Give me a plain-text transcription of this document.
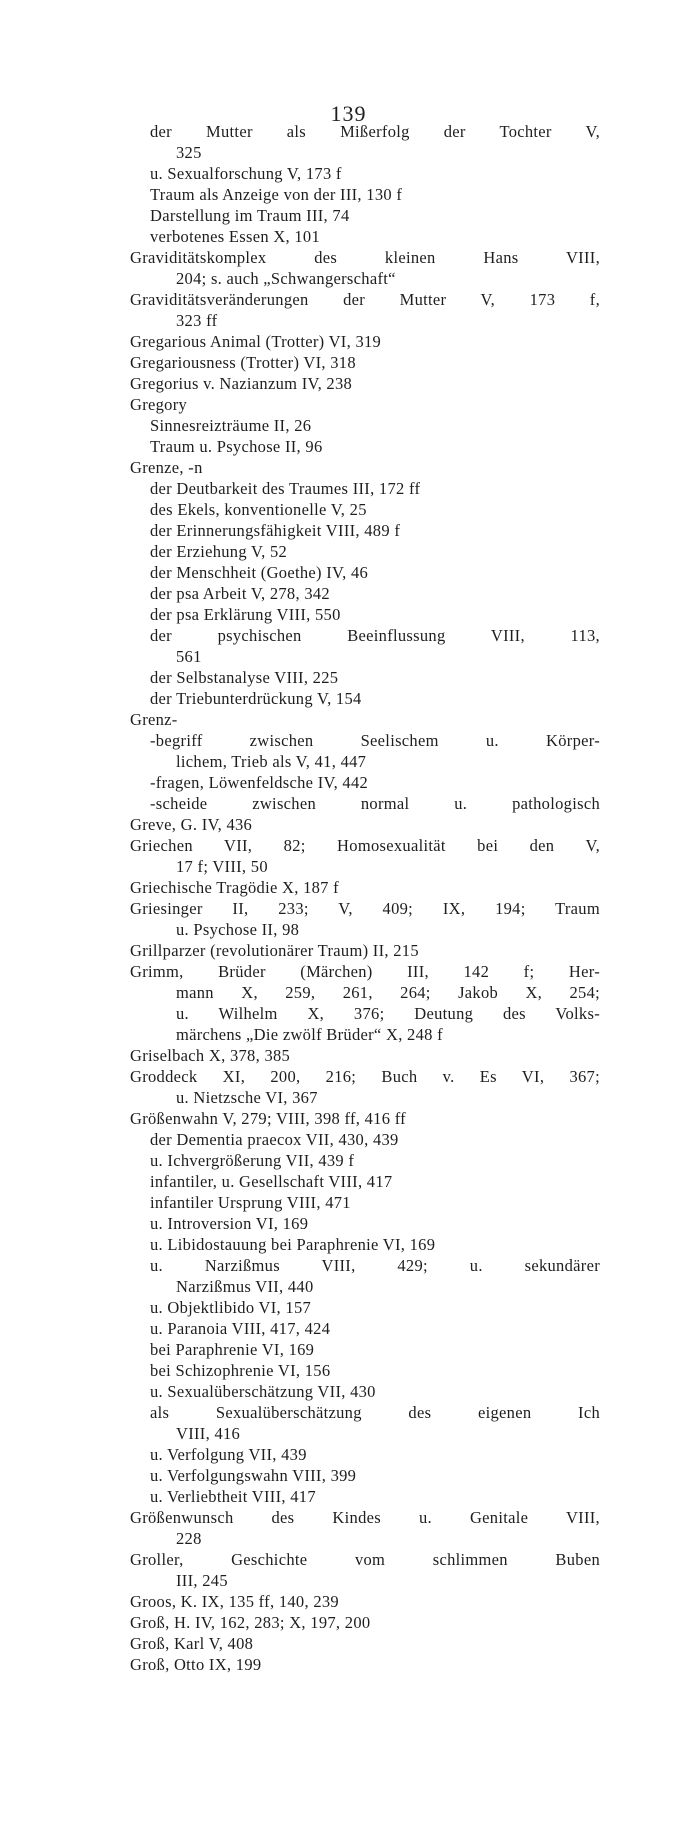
139
der Mutter als Mißerfolg der Tochter V,
325
u. Sexualforschung V, 173 f
Traum als Anzeige von der III, 130 f
Darstellung im Traum III, 74
verbotenes Essen X, 101
Graviditätskomplex des kleinen Hans VIII,
204; s. auch „Schwangerschaft“
Graviditätsveränderungen der Mutter V, 173 f,
323 ff
Gregarious Animal (Trotter) VI, 319
Gregariousness (Trotter) VI, 318
Gregorius v. Nazianzum IV, 238
Gregory
Sinnesreizträume II, 26
Traum u. Psychose II, 96
Grenze, -n
der Deutbarkeit des Traumes III, 172 ff
des Ekels, konventionelle V, 25
der Erinnerungsfähigkeit VIII, 489 f
der Erziehung V, 52
der Menschheit (Goethe) IV, 46
der psa Arbeit V, 278, 342
der psa Erklärung VIII, 550
der psychischen Beeinflussung VIII, 113,
561
der Selbstanalyse VIII, 225
der Triebunterdrückung V, 154
Grenz-
-begriff zwischen Seelischem u. Körper-
lichem, Trieb als V, 41, 447
-fragen, Löwenfeldsche IV, 442
-scheide zwischen normal u. pathologisch
Greve, G. IV, 436
Griechen VII, 82; Homosexualität bei den V,
17 f; VIII, 50
Griechische Tragödie X, 187 f
Griesinger II, 233; V, 409; IX, 194; Traum
u. Psychose II, 98
Grillparzer (revolutionärer Traum) II, 215
Grimm, Brüder (Märchen) III, 142 f; Her-
mann X, 259, 261, 264; Jakob X, 254;
u. Wilhelm X, 376; Deutung des Volks-
märchens „Die zwölf Brüder“ X, 248 f
Griselbach X, 378, 385
Groddeck XI, 200, 216; Buch v. Es VI, 367;
u. Nietzsche VI, 367
Größenwahn V, 279; VIII, 398 ff, 416 ff
der Dementia praecox VII, 430, 439
u. Ichvergrößerung VII, 439 f
infantiler, u. Gesellschaft VIII, 417
infantiler Ursprung VIII, 471
u. Introversion VI, 169
u. Libidostauung bei Paraphrenie VI, 169
u. Narzißmus VIII, 429; u. sekundärer
Narzißmus VII, 440
u. Objektlibido VI, 157
u. Paranoia VIII, 417, 424
bei Paraphrenie VI, 169
bei Schizophrenie VI, 156
u. Sexualüberschätzung VII, 430
als Sexualüberschätzung des eigenen Ich
VIII, 416
u. Verfolgung VII, 439
u. Verfolgungswahn VIII, 399
u. Verliebtheit VIII, 417
Größenwunsch des Kindes u. Genitale VIII,
228
Groller, Geschichte vom schlimmen Buben
III, 245
Groos, K. IX, 135 ff, 140, 239
Groß, H. IV, 162, 283; X, 197, 200
Groß, Karl V, 408
Groß, Otto IX, 199
